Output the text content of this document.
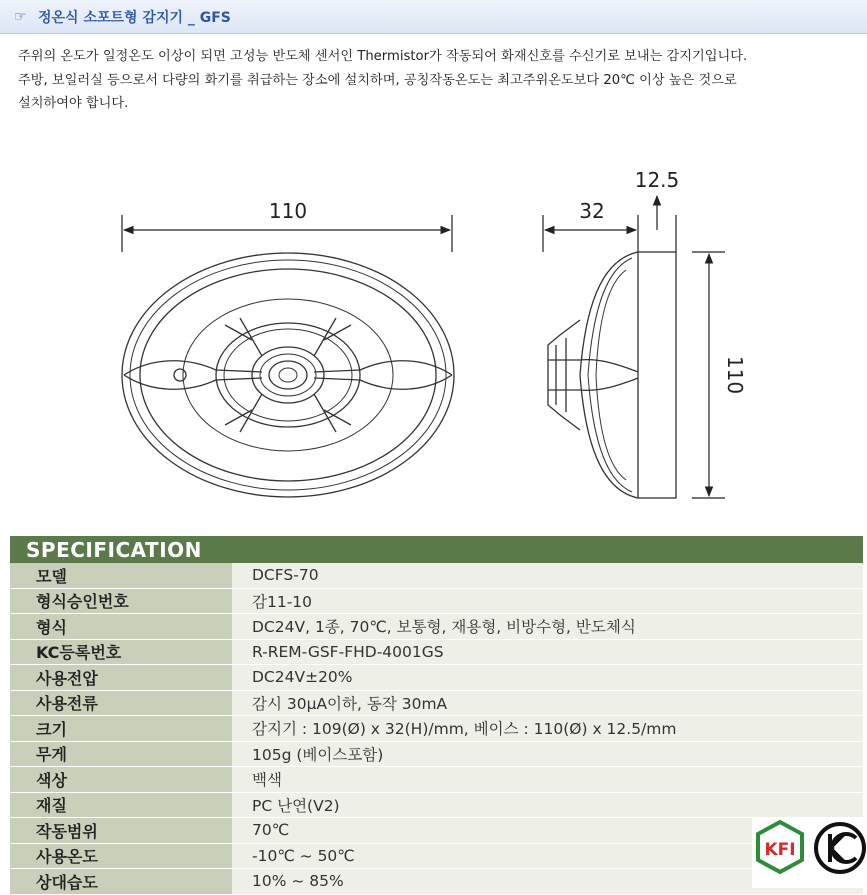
☞ 정온식 소포트형 감지기 _ GFS

주위의 온도가 일정온도 이상이 되면 고성능 반도체 센서인 Thermistor가 작동되어 화재신호를 수신기로 보내는 감지기입니다.

주방, 보일러실 등으로서 다량의 화기를 취급하는 장소에 설치하며, 공칭작동온도는 최고주위온도보다 20℃ 이상 높은 것으로

설치하여야 합니다.

110	32
12.5
110
SPECIFICATION
모델	DCFS-70
형식승인번호	감11-10
형식	DC24V, 1종, 70℃, 보통형, 재용형, 비방수형, 반도체식
KC등록번호	R-REM-GSF-FHD-4001GS
사용전압	DC24V±20%
사용전류	감시 30μA이하, 동작 30mA
크기	감지기 : 109(Ø) x 32(H)/mm, 베이스 : 110(Ø) x 12.5/mm
무게	105g (베이스포함)
색상	백색
재질	PC 난연(V2)
작동범위	70℃
사용온도	-10℃ ~ 50℃
상대습도	10% ~ 85%
KFI
KC
